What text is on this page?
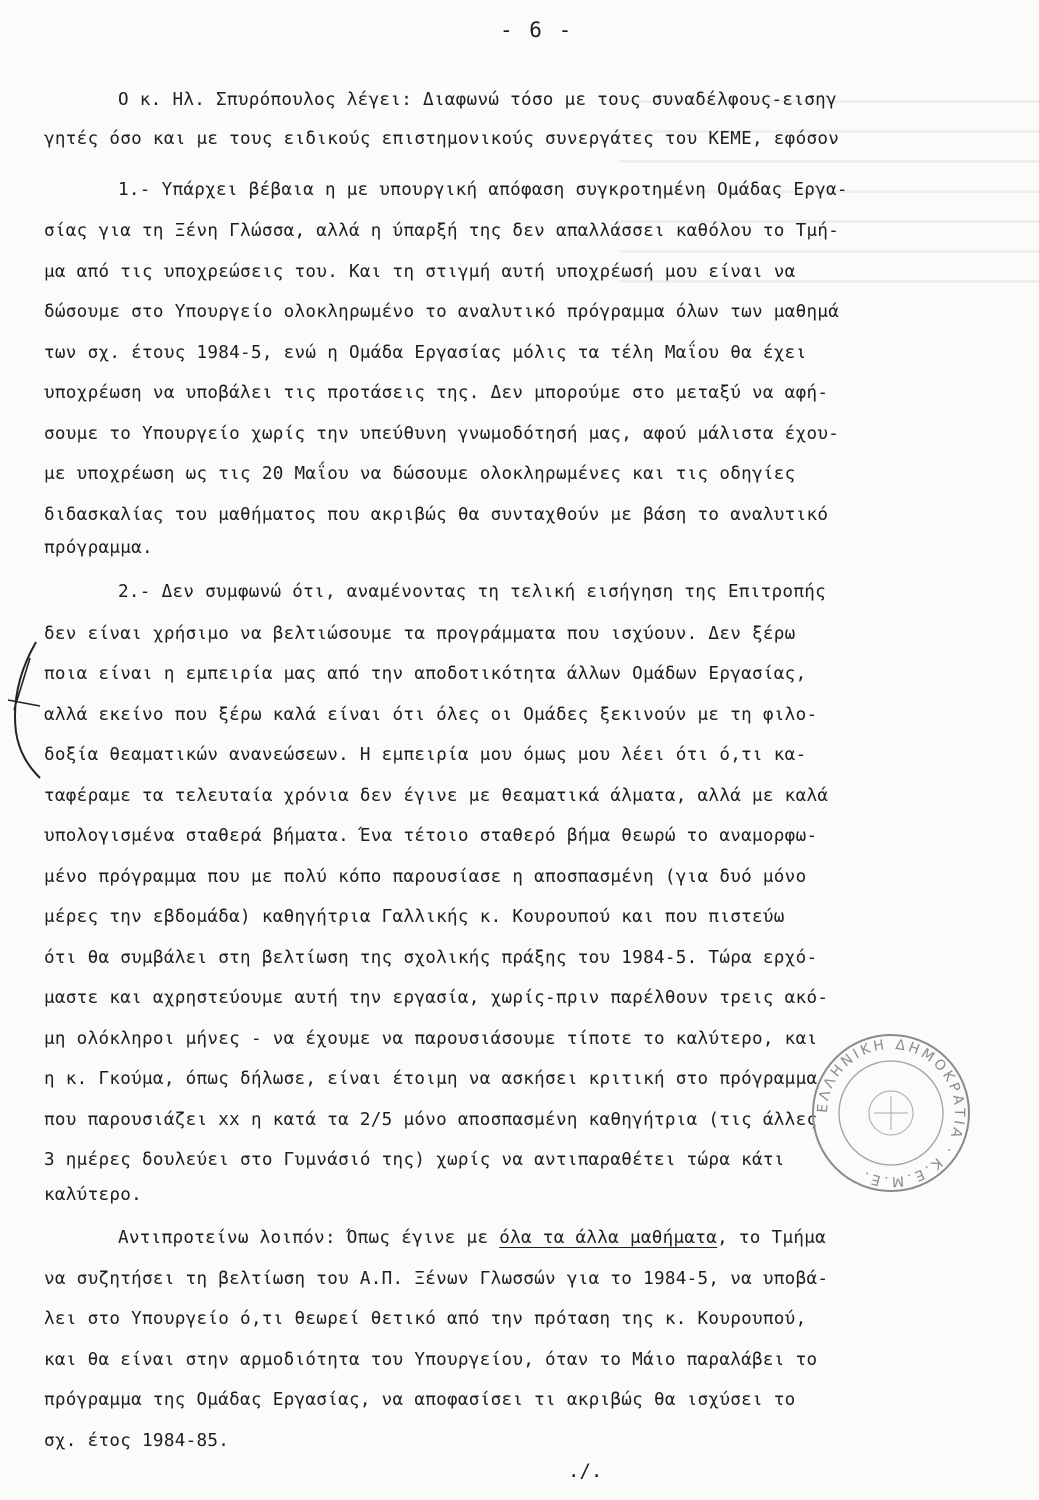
- 6 -
Ο κ. Ηλ. Σπυρόπουλος λέγει: Διαφωνώ τόσο με τους συναδέλφους-εισηγ
γητές όσο και με τους ειδικούς επιστημονικούς συνεργάτες του ΚΕΜΕ, εφόσον
1.- Υπάρχει βέβαια η με υπουργική απόφαση συγκροτημένη Ομάδας Εργα-
σίας για τη Ξένη Γλώσσα, αλλά η ύπαρξή της δεν απαλλάσσει καθόλου το Τμή-
μα από τις υποχρεώσεις του. Και τη στιγμή αυτή υποχρέωσή μου είναι να
δώσουμε στο Υπουργείο ολοκληρωμένο το αναλυτικό πρόγραμμα όλων των μαθημά
των σχ. έτους 1984-5, ενώ η Ομάδα Εργασίας μόλις τα τέλη Μαΐου θα έχει
υποχρέωση να υποβάλει τις προτάσεις της. Δεν μπορούμε στο μεταξύ να αφή-
σουμε το Υπουργείο χωρίς την υπεύθυνη γνωμοδότησή μας, αφού μάλιστα έχου-
με υποχρέωση ως τις 20 Μαΐου να δώσουμε ολοκληρωμένες και τις οδηγίες
διδασκαλίας του μαθήματος που ακριβώς θα συνταχθούν με βάση το αναλυτικό
πρόγραμμα.
2.- Δεν συμφωνώ ότι, αναμένοντας τη τελική εισήγηση της Επιτροπής
δεν είναι χρήσιμο να βελτιώσουμε τα προγράμματα που ισχύουν. Δεν ξέρω
ποια είναι η εμπειρία μας από την αποδοτικότητα άλλων Ομάδων Εργασίας,
αλλά εκείνο που ξέρω καλά είναι ότι όλες οι Ομάδες ξεκινούν με τη φιλο-
δοξία θεαματικών ανανεώσεων. Η εμπειρία μου όμως μου λέει ότι ό,τι κα-
ταφέραμε τα τελευταία χρόνια δεν έγινε με θεαματικά άλματα, αλλά με καλά
υπολογισμένα σταθερά βήματα. Ένα τέτοιο σταθερό βήμα θεωρώ το αναμορφω-
μένο πρόγραμμα που με πολύ κόπο παρουσίασε η αποσπασμένη (για δυό μόνο
μέρες την εβδομάδα) καθηγήτρια Γαλλικής κ. Κουρουπού και που πιστεύω
ότι θα συμβάλει στη βελτίωση της σχολικής πράξης του 1984-5. Τώρα ερχό-
μαστε και αχρηστεύουμε αυτή την εργασία, χωρίς-πριν παρέλθουν τρεις ακό-
μη ολόκληροι μήνες - να έχουμε να παρουσιάσουμε τίποτε το καλύτερο, και
η κ. Γκούμα, όπως δήλωσε, είναι έτοιμη να ασκήσει κριτική στο πρόγραμμα
που παρουσιάζει xx η κατά τα 2/5 μόνο αποσπασμένη καθηγήτρια (τις άλλες
3 ημέρες δουλεύει στο Γυμνάσιό της) χωρίς να αντιπαραθέτει τώρα κάτι
καλύτερο.
Αντιπροτείνω λοιπόν: Όπως έγινε με όλα τα άλλα μαθήματα, το Τμήμα
να συζητήσει τη βελτίωση του Α.Π. Ξένων Γλωσσών για το 1984-5, να υποβά-
λει στο Υπουργείο ό,τι θεωρεί θετικό από την πρόταση της κ. Κουρουπού,
και θα είναι στην αρμοδιότητα του Υπουργείου, όταν το Μάιο παραλάβει το
πρόγραμμα της Ομάδας Εργασίας, να αποφασίσει τι ακριβώς θα ισχύσει το
σχ. έτος 1984-85.
./.
ΕΛΛΗΝΙΚΗ ΔΗΜΟΚΡΑΤΙΑ · Κ.Ε.Μ.Ε.
